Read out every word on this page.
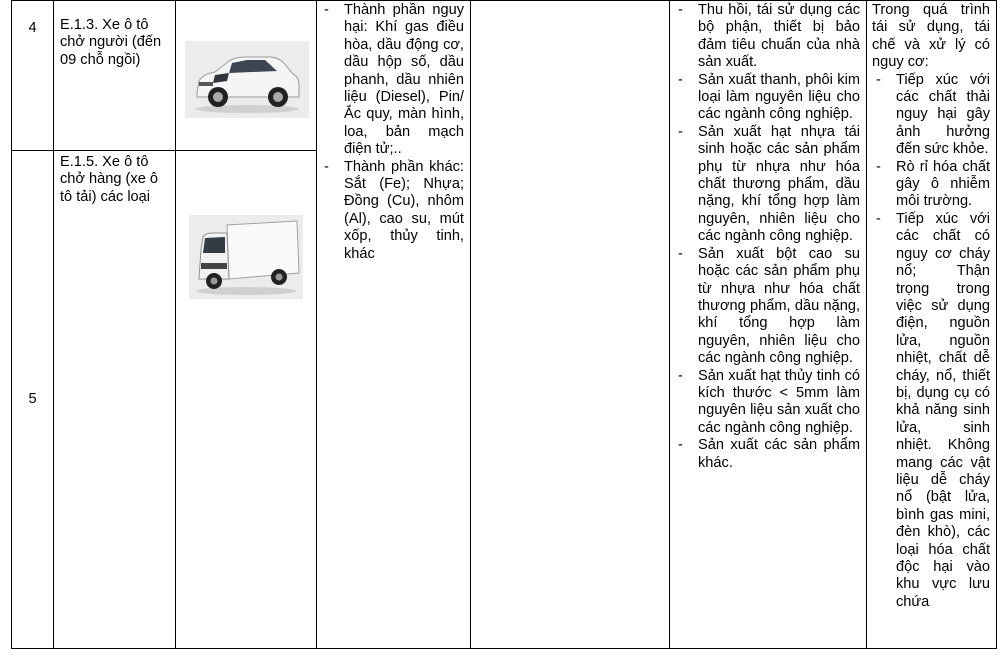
4 E.1.3. Xe ô tô
chở người (đến
09 chỗ ngồi)
5
E.1.5. Xe ô tô
chở hàng (xe ô
tô tải) các loại
- Thành phần nguy hại: Khí gas điều hòa, dầu động cơ, dầu hộp số, dầu phanh, dầu nhiên liệu (Diesel), Pin/ Ắc quy, màn hình, loa, bản mạch điện tử;..
- Thành phần khác: Sắt (Fe); Nhựa; Đồng (Cu), nhôm (Al), cao su, mút xốp, thủy tinh, khác
- Thu hồi, tái sử dụng các bộ phận, thiết bị bảo đảm tiêu chuẩn của nhà sản xuất.
- Sản xuất thanh, phôi kim loại làm nguyên liệu cho các ngành công nghiệp.
- Sản xuất hạt nhựa tái sinh hoặc các sản phẩm phụ từ nhựa như hóa chất thương phẩm, dầu nặng, khí tổng hợp làm nguyên, nhiên liệu cho các ngành công nghiệp.
- Sản xuất bột cao su hoặc các sản phẩm phụ từ nhựa như hóa chất thương phẩm, dầu nặng, khí tổng hợp làm nguyên, nhiên liệu cho các ngành công nghiệp.
- Sản xuất hạt thủy tinh có kích thước < 5mm làm nguyên liệu sản xuất cho các ngành công nghiệp.
- Sản xuất các sản phẩm khác.
Trong quá trình tái sử dụng, tái chế và xử lý có nguy cơ:
- Tiếp xúc với các chất thải nguy hại gây ảnh hưởng đến sức khỏe.
- Rò rỉ hóa chất gây ô nhiễm môi trường.
- Tiếp xúc với các chất có nguy cơ cháy nổ; Thận trọng trong việc sử dụng điện, nguồn lửa, nguồn nhiệt, chất dễ cháy, nổ, thiết bị, dụng cụ có khả năng sinh lửa, sinh nhiệt. Không mang các vật liệu dễ cháy nổ (bật lửa, bình gas mini, đèn khò), các loại hóa chất độc hại vào khu vực lưu chứa
